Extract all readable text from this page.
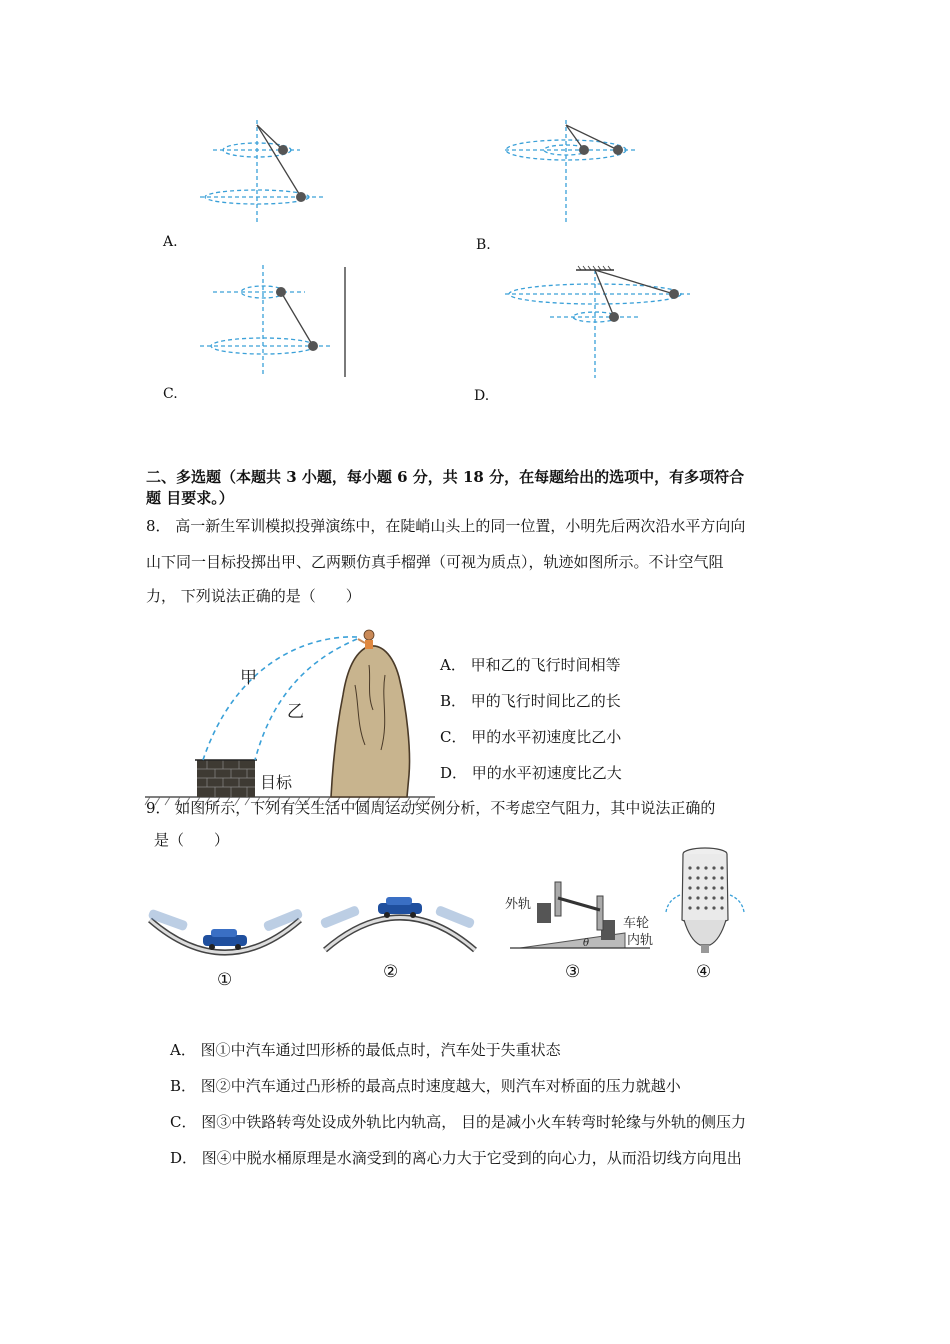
A.	B.
C.	D.
二、多选题（本题共 3 小题，每小题 6 分，共 18 分，在每题给出的选项中，有多项符合
题 目要求。）
8． 高一新生军训模拟投弹演练中，在陡峭山头上的同一位置，小明先后两次沿水平方向向
山下同一目标投掷出甲、乙两颗仿真手榴弹（可视为质点），轨迹如图所示。不计空气阻
力， 下列说法正确的是（　　）
甲
乙
目标
A． 甲和乙的飞行时间相等
B． 甲的飞行时间比乙的长
C． 甲的水平初速度比乙小
D． 甲的水平初速度比乙大
9． 如图所示，下列有关生活中圆周运动实例分析，不考虑空气阻力，其中说法正确的
是（　　）
①	②
θ
外轨
车轮
内轨
③	④
A． 图①中汽车通过凹形桥的最低点时，汽车处于失重状态
B． 图②中汽车通过凸形桥的最高点时速度越大，则汽车对桥面的压力就越小
C． 图③中铁路转弯处设成外轨比内轨高， 目的是减小火车转弯时轮缘与外轨的侧压力
D． 图④中脱水桶原理是水滴受到的离心力大于它受到的向心力，从而沿切线方向甩出
